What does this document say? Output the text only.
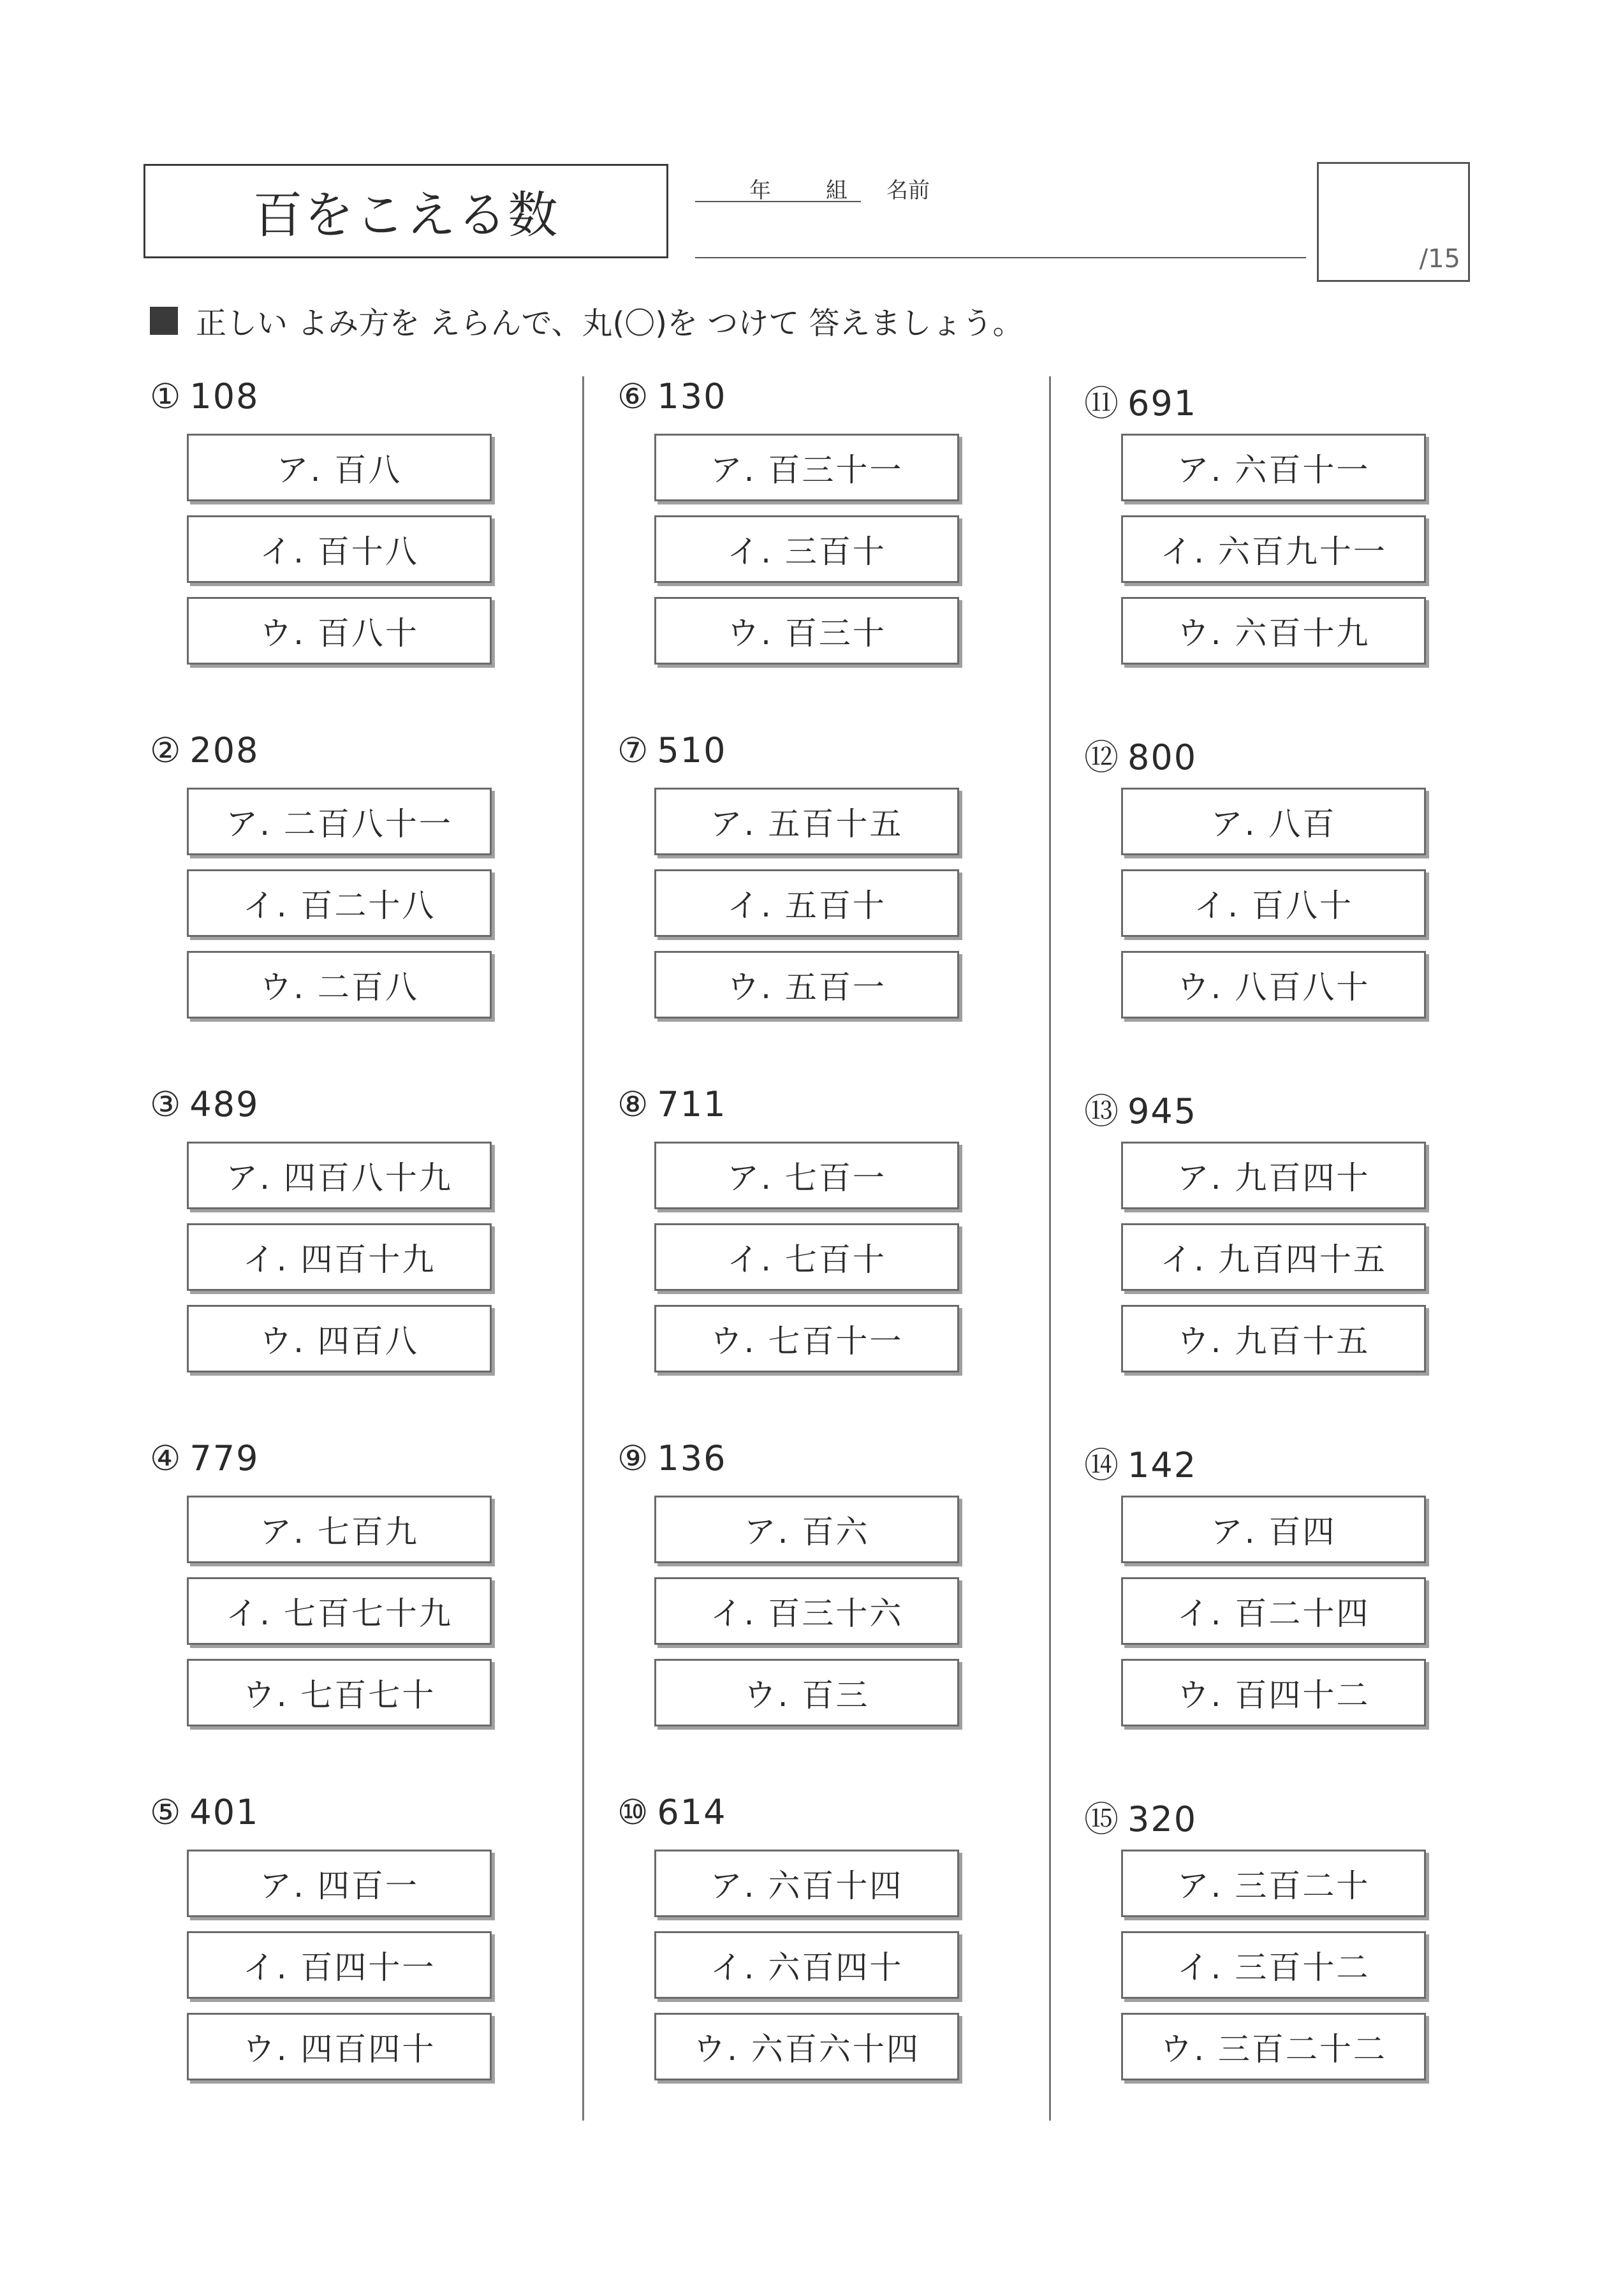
百をこえる数	年	組 名前
/15
正しい よみ方を えらんで、丸(〇)を つけて 答えましょう。
① 108
ア. 百八
イ. 百十八
ウ. 百八十
② 208
ア. 二百八十一
イ. 百二十八
ウ. 二百八
③ 489
ア. 四百八十九
イ. 四百十九
ウ. 四百八
④ 779
ア. 七百九
イ. 七百七十九
ウ. 七百七十
⑤ 401
ア. 四百一
イ. 百四十一
ウ. 四百四十
⑥ 130
ア. 百三十一
イ. 三百十
ウ. 百三十
⑦ 510
ア. 五百十五
イ. 五百十
ウ. 五百一
⑧ 711
ア. 七百一
イ. 七百十
ウ. 七百十一
⑨ 136
ア. 百六
イ. 百三十六
ウ. 百三
⑩ 614
ア. 六百十四
イ. 六百四十
ウ. 六百六十四
⑪ 691
ア. 六百十一
イ. 六百九十一
ウ. 六百十九
⑫ 800
ア. 八百
イ. 百八十
ウ. 八百八十
⑬ 945
ア. 九百四十
イ. 九百四十五
ウ. 九百十五
⑭ 142
ア. 百四
イ. 百二十四
ウ. 百四十二
⑮ 320
ア. 三百二十
イ. 三百十二
ウ. 三百二十二
